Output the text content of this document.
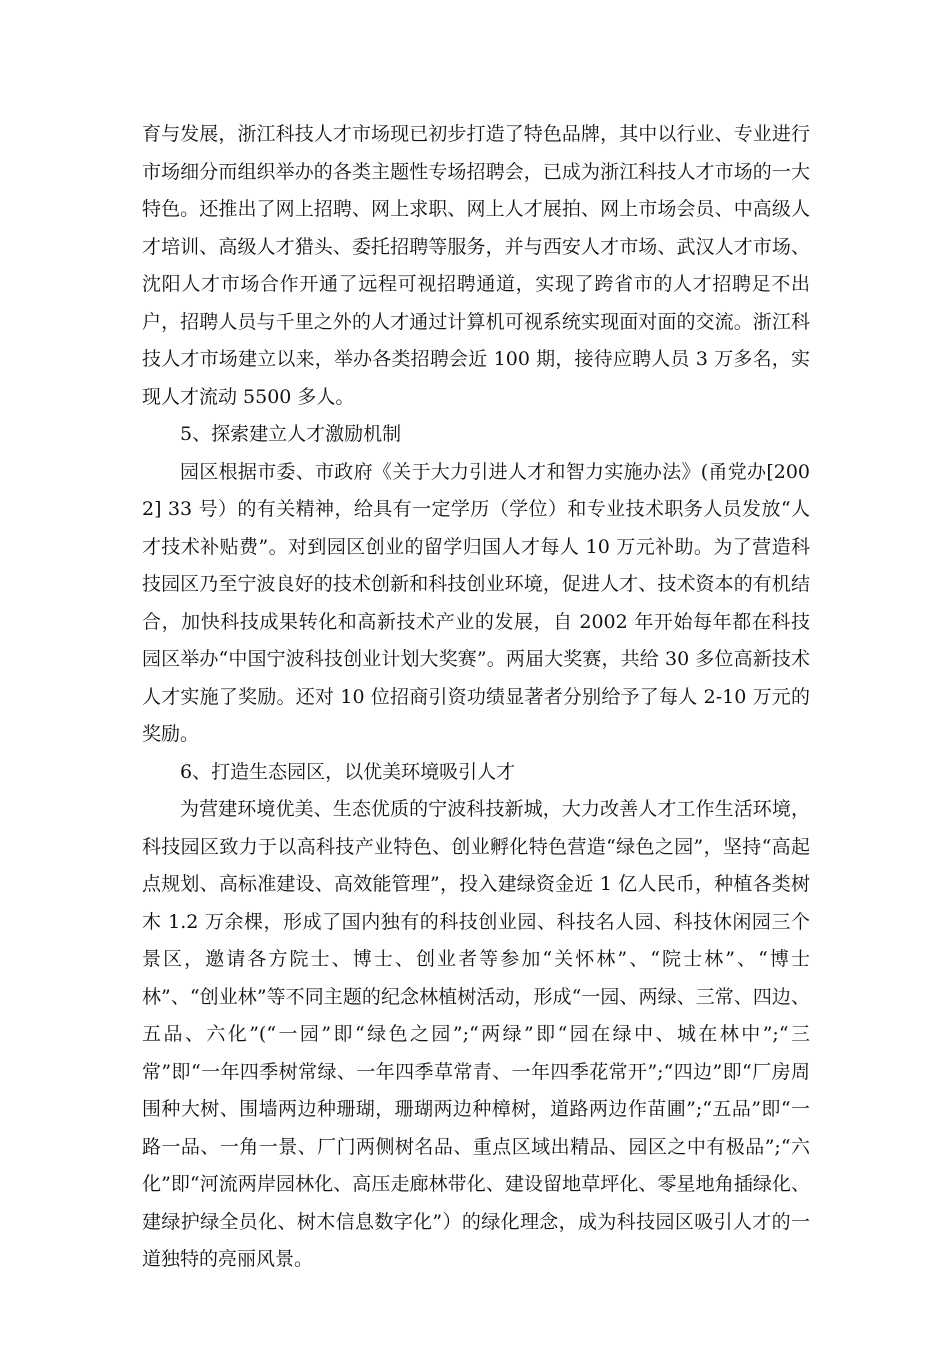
育与发展，浙江科技人才市场现已初步打造了特色品牌，其中以行业、专业进行市场细分而组织举办的各类主题性专场招聘会，已成为浙江科技人才市场的一大特色。还推出了网上招聘、网上求职、网上人才展拍、网上市场会员、中高级人才培训、高级人才猎头、委托招聘等服务，并与西安人才市场、武汉人才市场、沈阳人才市场合作开通了远程可视招聘通道，实现了跨省市的人才招聘足不出户，招聘人员与千里之外的人才通过计算机可视系统实现面对面的交流。浙江科技人才市场建立以来，举办各类招聘会近 100 期，接待应聘人员 3 万多名，实现人才流动 5500 多人。

5、探索建立人才激励机制

园区根据市委、市政府《关于大力引进人才和智力实施办法》(甬党办[2002] 33 号）的有关精神，给具有一定学历（学位）和专业技术职务人员发放“人才技术补贴费”。对到园区创业的留学归国人才每人 10 万元补助。为了营造科技园区乃至宁波良好的技术创新和科技创业环境，促进人才、技术资本的有机结合，加快科技成果转化和高新技术产业的发展，自 2002 年开始每年都在科技园区举办“中国宁波科技创业计划大奖赛”。两届大奖赛，共给 30 多位高新技术人才实施了奖励。还对 10 位招商引资功绩显著者分别给予了每人 2-10 万元的奖励。

6、打造生态园区，以优美环境吸引人才

为营建环境优美、生态优质的宁波科技新城，大力改善人才工作生活环境，科技园区致力于以高科技产业特色、创业孵化特色营造“绿色之园”，坚持“高起点规划、高标准建设、高效能管理”，投入建绿资金近 1 亿人民币，种植各类树木 1.2 万余棵，形成了国内独有的科技创业园、科技名人园、科技休闲园三个景区，邀请各方院士、博士、创业者等参加“关怀林”、“院士林”、“博士林”、“创业林”等不同主题的纪念林植树活动，形成“一园、两绿、三常、四边、五品、六化”(“一园”即“绿色之园”;“两绿”即“园在绿中、城在林中”;“三常”即“一年四季树常绿、一年四季草常青、一年四季花常开”;“四边”即“厂房周围种大树、围墙两边种珊瑚，珊瑚两边种樟树，道路两边作苗圃”;“五品”即“一路一品、一角一景、厂门两侧树名品、重点区域出精品、园区之中有极品”;“六化”即“河流两岸园林化、高压走廊林带化、建设留地草坪化、零星地角插绿化、建绿护绿全员化、树木信息数字化”）的绿化理念，成为科技园区吸引人才的一道独特的亮丽风景。
